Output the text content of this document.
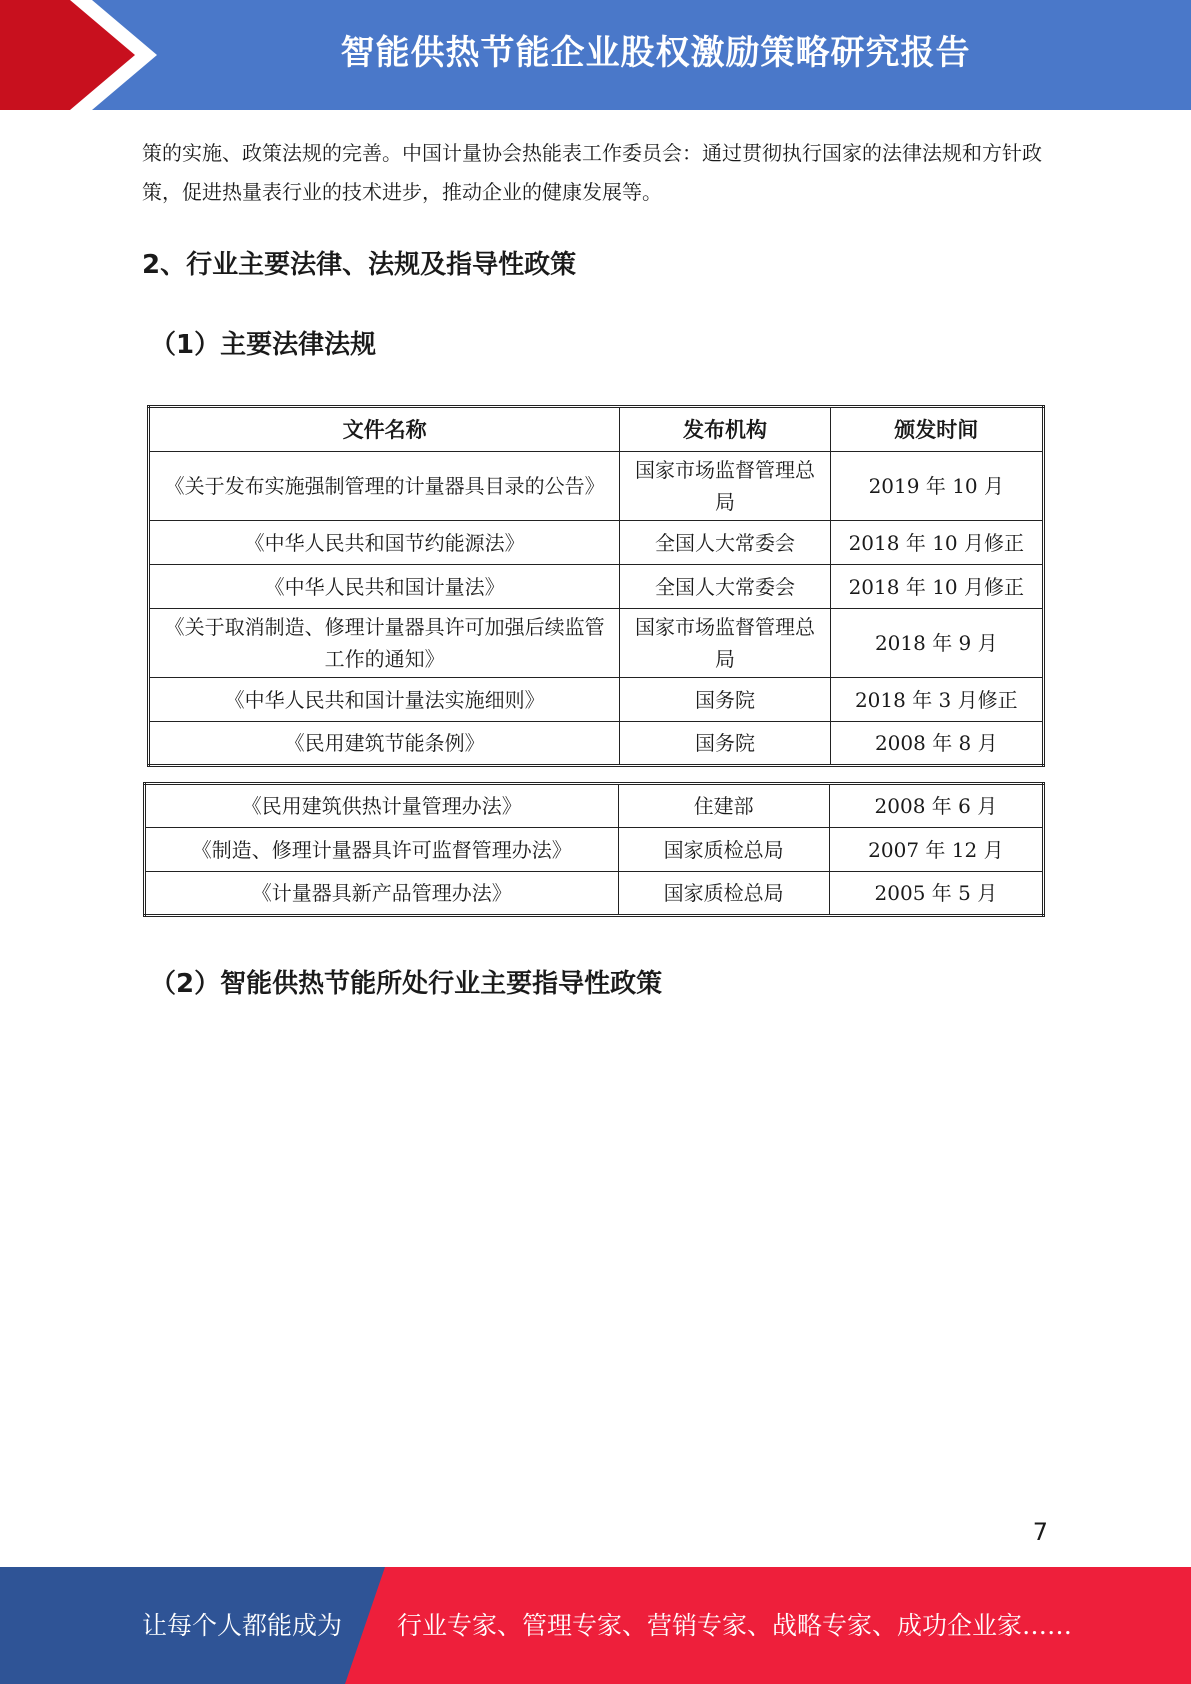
智能供热节能企业股权激励策略研究报告
策的实施、政策法规的完善。中国计量协会热能表工作委员会：通过贯彻执行国家的法律法规和方针政策，促进热量表行业的技术进步，推动企业的健康发展等。
2、行业主要法律、法规及指导性政策
（1）主要法律法规
文件名称	发布机构	颁发时间
《关于发布实施强制管理的计量器具目录的公告》	国家市场监督管理总局	2019 年 10 月
《中华人民共和国节约能源法》	全国人大常委会	2018 年 10 月修正
《中华人民共和国计量法》	全国人大常委会	2018 年 10 月修正
《关于取消制造、修理计量器具许可加强后续监管工作的通知》	国家市场监督管理总局	2018 年 9 月
《中华人民共和国计量法实施细则》	国务院	2018 年 3 月修正
《民用建筑节能条例》	国务院	2008 年 8 月
《民用建筑供热计量管理办法》	住建部	2008 年 6 月
《制造、修理计量器具许可监督管理办法》	国家质检总局	2007 年 12 月
《计量器具新产品管理办法》	国家质检总局	2005 年 5 月
（2）智能供热节能所处行业主要指导性政策
7
让每个人都能成为 行业专家、管理专家、营销专家、战略专家、成功企业家……
